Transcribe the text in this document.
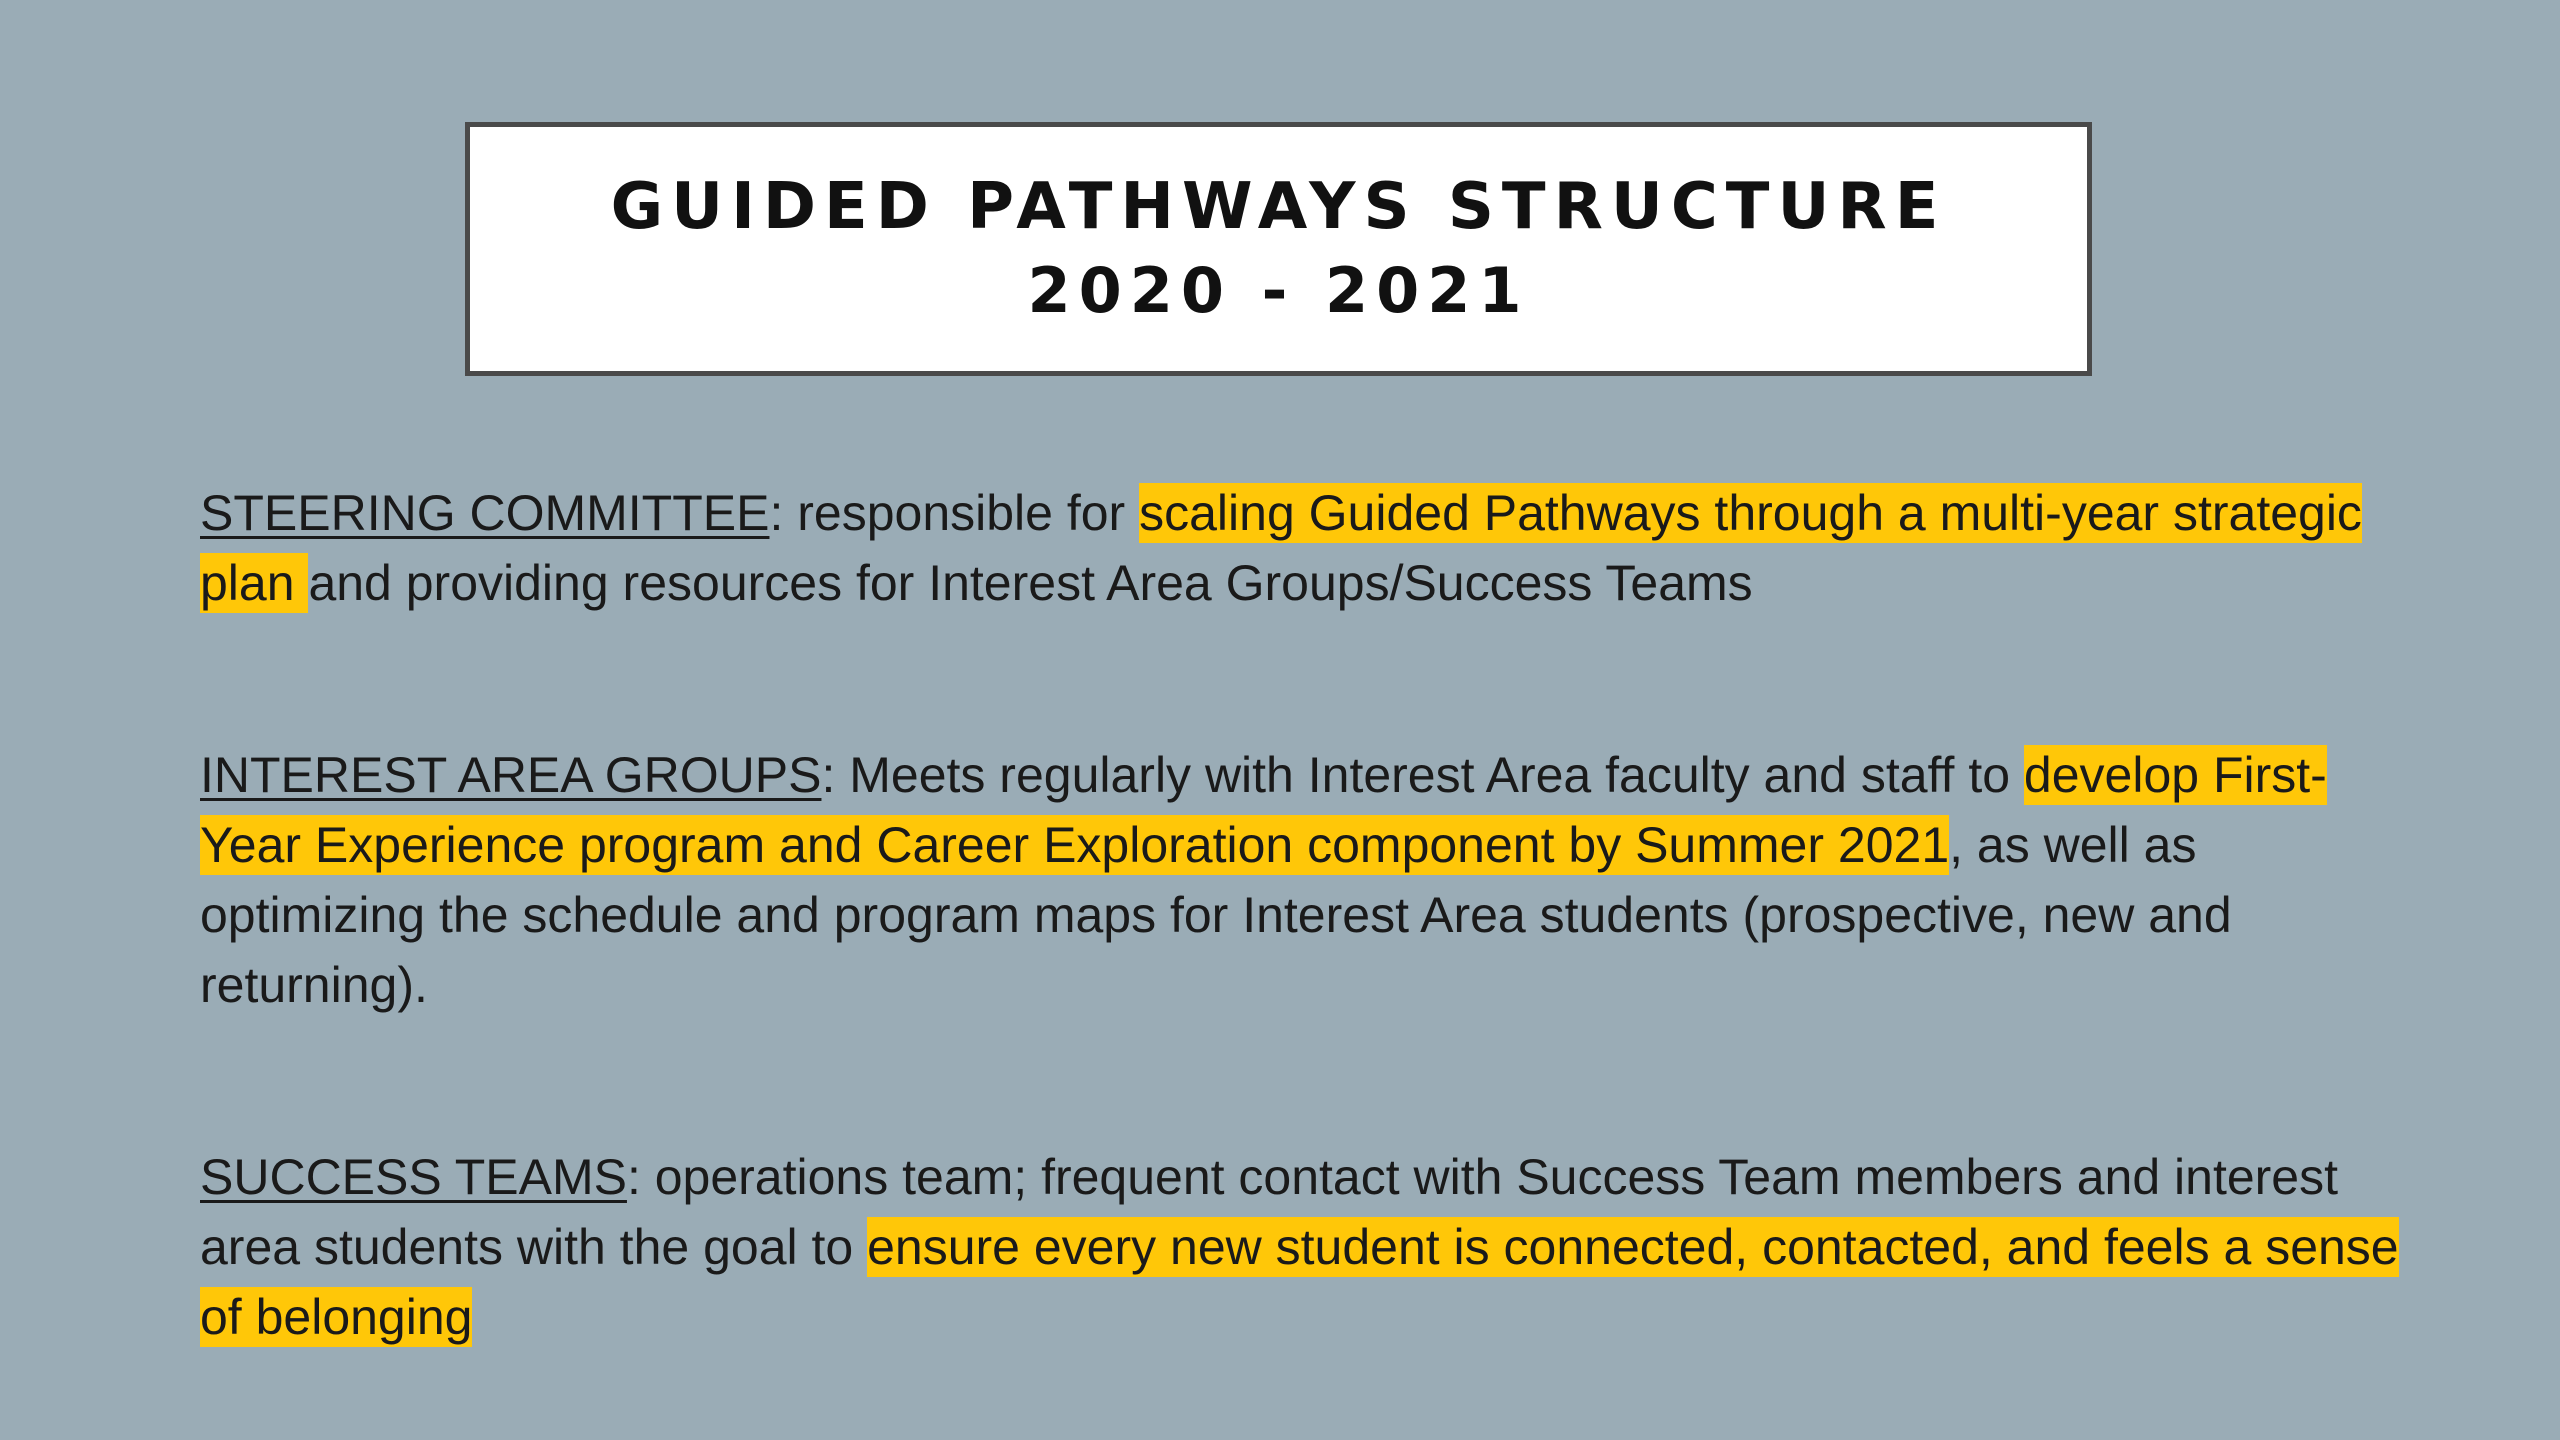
GUIDED PATHWAYS STRUCTURE
2020 - 2021

STEERING COMMITTEE: responsible for scaling Guided Pathways through a multi-year strategic plan and providing resources for Interest Area Groups/Success Teams

INTEREST AREA GROUPS: Meets regularly with Interest Area faculty and staff to develop First-Year Experience program and Career Exploration component by Summer 2021, as well as optimizing the schedule and program maps for Interest Area students (prospective, new and returning).

SUCCESS TEAMS: operations team; frequent contact with Success Team members and interest area students with the goal to ensure every new student is connected, contacted, and feels a sense of belonging
